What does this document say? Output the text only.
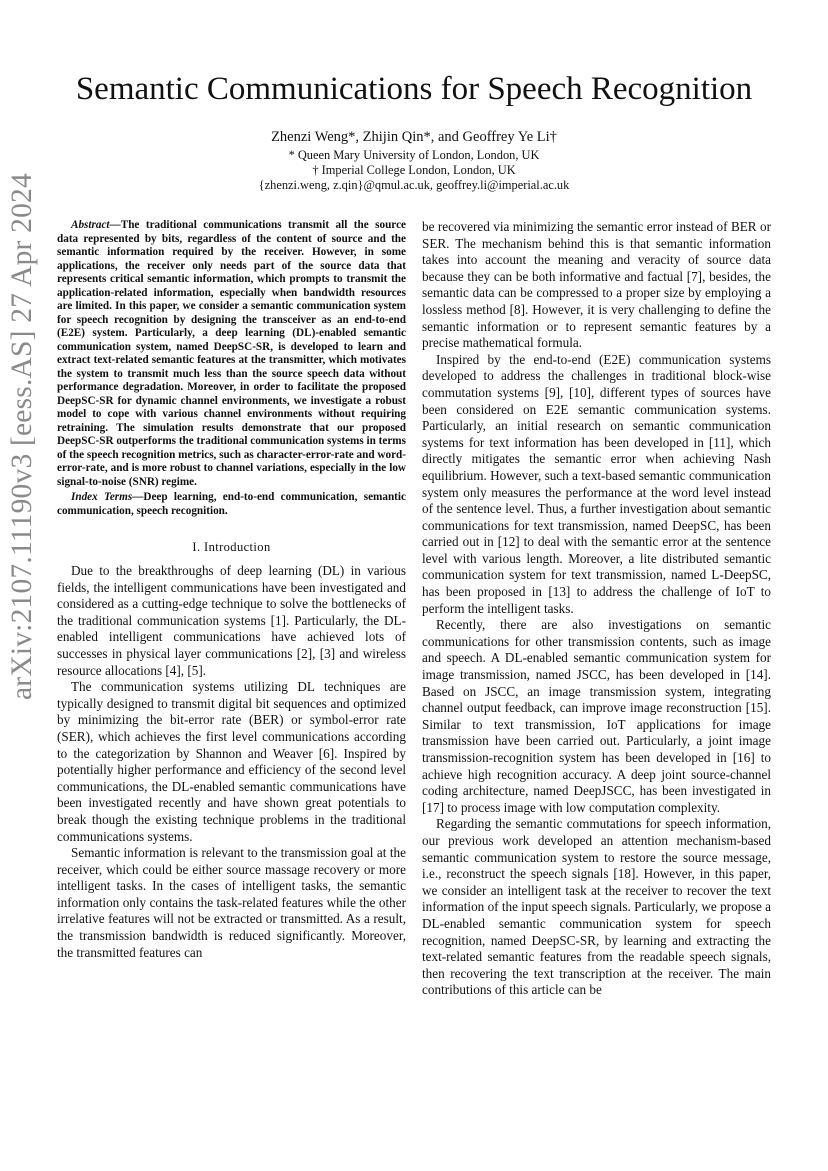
arXiv:2107.11190v3 [eess.AS] 27 Apr 2024
Semantic Communications for Speech Recognition
Zhenzi Weng*, Zhijin Qin*, and Geoffrey Ye Li†
* Queen Mary University of London, London, UK
† Imperial College London, London, UK
{zhenzi.weng, z.qin}@qmul.ac.uk, geoffrey.li@imperial.ac.uk

Abstract—The traditional communications transmit all the source data represented by bits, regardless of the content of source and the semantic information required by the receiver. However, in some applications, the receiver only needs part of the source data that represents critical semantic information, which prompts to transmit the application-related information, especially when bandwidth resources are limited. In this paper, we consider a semantic communication system for speech recognition by designing the transceiver as an end-to-end (E2E) system. Particularly, a deep learning (DL)-enabled semantic communication system, named DeepSC-SR, is developed to learn and extract text-related semantic features at the transmitter, which motivates the system to transmit much less than the source speech data without performance degradation. Moreover, in order to facilitate the proposed DeepSC-SR for dynamic channel environments, we investigate a robust model to cope with various channel environments without requiring retraining. The simulation results demonstrate that our proposed DeepSC-SR outperforms the traditional communication systems in terms of the speech recognition metrics, such as character-error-rate and word-error-rate, and is more robust to channel variations, especially in the low signal-to-noise (SNR) regime.

Index Terms—Deep learning, end-to-end communication, semantic communication, speech recognition.

I. Introduction

Due to the breakthroughs of deep learning (DL) in various fields, the intelligent communications have been investigated and considered as a cutting-edge technique to solve the bottlenecks of the traditional communication systems [1]. Particularly, the DL-enabled intelligent communications have achieved lots of successes in physical layer communications [2], [3] and wireless resource allocations [4], [5].

The communication systems utilizing DL techniques are typically designed to transmit digital bit sequences and optimized by minimizing the bit-error rate (BER) or symbol-error rate (SER), which achieves the first level communications according to the categorization by Shannon and Weaver [6]. Inspired by potentially higher performance and efficiency of the second level communications, the DL-enabled semantic communications have been investigated recently and have shown great potentials to break though the existing technique problems in the traditional communications systems.

Semantic information is relevant to the transmission goal at the receiver, which could be either source massage recovery or more intelligent tasks. In the cases of intelligent tasks, the semantic information only contains the task-related features while the other irrelative features will not be extracted or transmitted. As a result, the transmission bandwidth is reduced significantly. Moreover, the transmitted features can

be recovered via minimizing the semantic error instead of BER or SER. The mechanism behind this is that semantic information takes into account the meaning and veracity of source data because they can be both informative and factual [7], besides, the semantic data can be compressed to a proper size by employing a lossless method [8]. However, it is very challenging to define the semantic information or to represent semantic features by a precise mathematical formula.

Inspired by the end-to-end (E2E) communication systems developed to address the challenges in traditional block-wise commutation systems [9], [10], different types of sources have been considered on E2E semantic communication systems. Particularly, an initial research on semantic communication systems for text information has been developed in [11], which directly mitigates the semantic error when achieving Nash equilibrium. However, such a text-based semantic communication system only measures the performance at the word level instead of the sentence level. Thus, a further investigation about semantic communications for text transmission, named DeepSC, has been carried out in [12] to deal with the semantic error at the sentence level with various length. Moreover, a lite distributed semantic communication system for text transmission, named L-DeepSC, has been proposed in [13] to address the challenge of IoT to perform the intelligent tasks.

Recently, there are also investigations on semantic communications for other transmission contents, such as image and speech. A DL-enabled semantic communication system for image transmission, named JSCC, has been developed in [14]. Based on JSCC, an image transmission system, integrating channel output feedback, can improve image reconstruction [15]. Similar to text transmission, IoT applications for image transmission have been carried out. Particularly, a joint image transmission-recognition system has been developed in [16] to achieve high recognition accuracy. A deep joint source-channel coding architecture, named DeepJSCC, has been investigated in [17] to process image with low computation complexity.

Regarding the semantic commutations for speech information, our previous work developed an attention mechanism-based semantic communication system to restore the source message, i.e., reconstruct the speech signals [18]. However, in this paper, we consider an intelligent task at the receiver to recover the text information of the input speech signals. Particularly, we propose a DL-enabled semantic communication system for speech recognition, named DeepSC-SR, by learning and extracting the text-related semantic features from the readable speech signals, then recovering the text transcription at the receiver. The main contributions of this article can be
